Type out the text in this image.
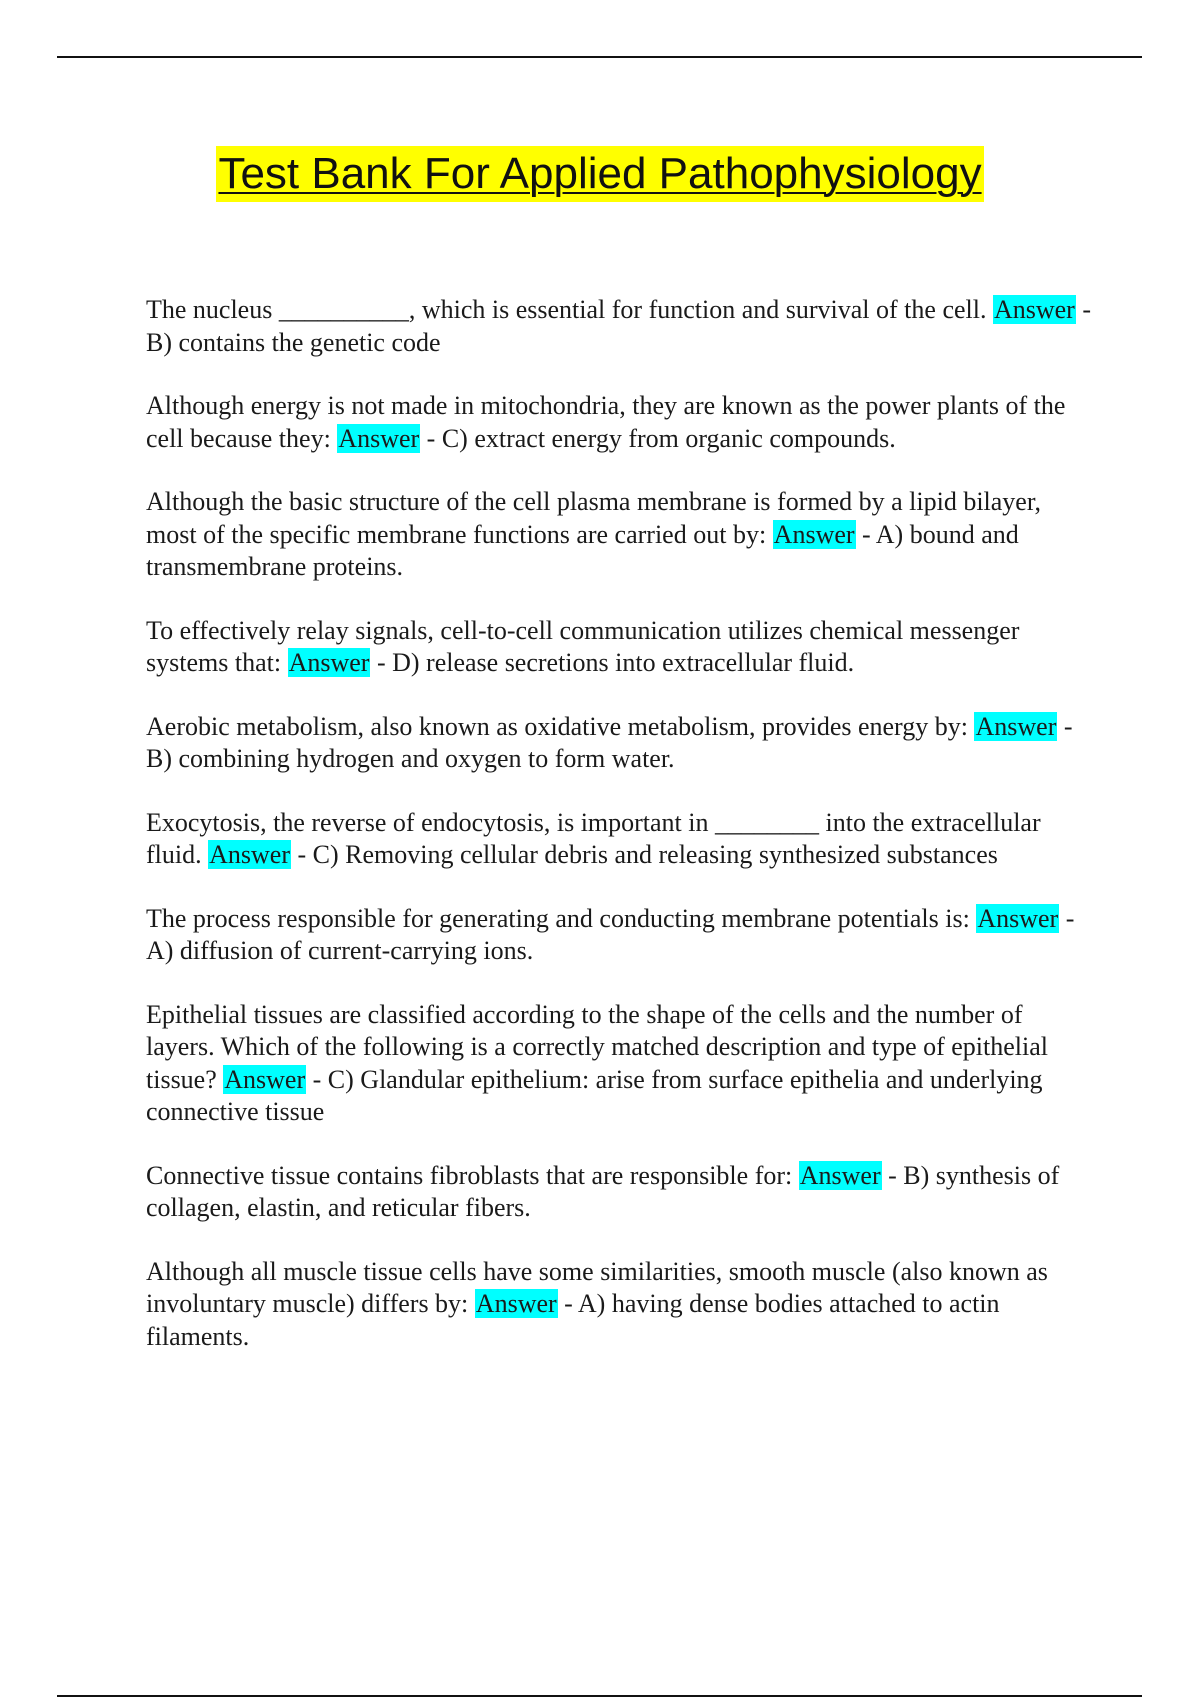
Test Bank For Applied Pathophysiology

The nucleus __________, which is essential for function and survival of the cell. Answer - B) contains the genetic code

Although energy is not made in mitochondria, they are known as the power plants of the cell because they: Answer - C) extract energy from organic compounds.

Although the basic structure of the cell plasma membrane is formed by a lipid bilayer, most of the specific membrane functions are carried out by: Answer - A) bound and transmembrane proteins.

To effectively relay signals, cell-to-cell communication utilizes chemical messenger systems that: Answer - D) release secretions into extracellular fluid.

Aerobic metabolism, also known as oxidative metabolism, provides energy by: Answer - B) combining hydrogen and oxygen to form water.

Exocytosis, the reverse of endocytosis, is important in ________ into the extracellular fluid. Answer - C) Removing cellular debris and releasing synthesized substances

The process responsible for generating and conducting membrane potentials is: Answer - A) diffusion of current-carrying ions.

Epithelial tissues are classified according to the shape of the cells and the number of layers. Which of the following is a correctly matched description and type of epithelial tissue? Answer - C) Glandular epithelium: arise from surface epithelia and underlying connective tissue

Connective tissue contains fibroblasts that are responsible for: Answer - B) synthesis of collagen, elastin, and reticular fibers.

Although all muscle tissue cells have some similarities, smooth muscle (also known as involuntary muscle) differs by: Answer - A) having dense bodies attached to actin filaments.
